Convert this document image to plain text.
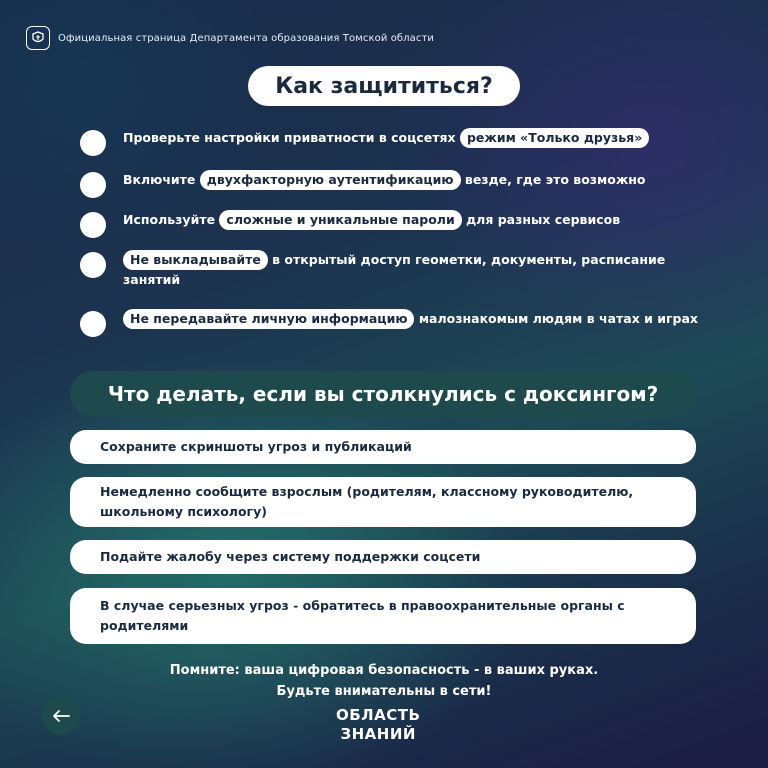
Официальная страница Департамента образования Томской области
Как защититься?
Проверьте настройки приватности в соцсетях режим «Только друзья»
Включите двухфакторную аутентификацию везде, где это возможно
Используйте сложные и уникальные пароли для разных сервисов
Не выкладывайте в открытый доступ геометки, документы, расписание занятий
Не передавайте личную информацию малознакомым людям в чатах и играх
Что делать, если вы столкнулись с доксингом?
Сохраните скриншоты угроз и публикаций
Немедленно сообщите взрослым (родителям, классному руководителю, школьному психологу)
Подайте жалобу через систему поддержки соцсети
В случае серьезных угроз - обратитесь в правоохранительные органы с родителями
Помните: ваша цифровая безопасность - в ваших руках.
Будьте внимательны в сети!
ОБЛАСТЬ
ЗНАНИЙ
